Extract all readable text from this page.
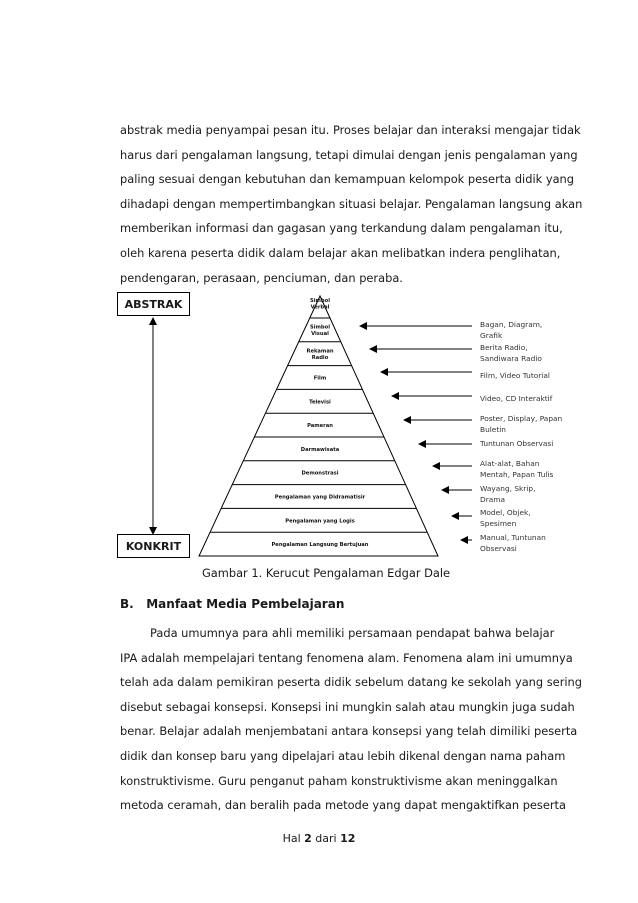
abstrak media penyampai pesan itu. Proses belajar dan interaksi mengajar tidak
harus dari pengalaman langsung, tetapi dimulai dengan jenis pengalaman yang
paling sesuai dengan kebutuhan dan kemampuan kelompok peserta didik yang
dihadapi dengan mempertimbangkan situasi belajar. Pengalaman langsung akan
memberikan informasi dan gagasan yang terkandung dalam pengalaman itu,
oleh karena peserta didik dalam belajar akan melibatkan indera penglihatan,
pendengaran, perasaan, penciuman, dan peraba.
Simbol Verbal
Simbol Visual
Rekaman Radio
Film
Televisi
Pameran
Darmawisata
Demonstrasi
Pengalaman yang Didramatisir
Pengalaman yang Logis
Pengalaman Langsung Bertujuan
Bagan, Diagram, Grafik
Berita Radio, Sandiwara Radio
Film, Video Tutorial
Video, CD Interaktif
Poster, Display, Papan Buletin
Tuntunan Observasi
Alat-alat, Bahan Mentah, Papan Tulis
Wayang, Skrip, Drama
Model, Objek, Spesimen
Manual, Tuntunan Observasi
ABSTRAK
KONKRIT

Gambar 1. Kerucut Pengalaman Edgar Dale

B.   Manfaat Media Pembelajaran

Pada umumnya para ahli memiliki persamaan pendapat bahwa belajar
IPA adalah mempelajari tentang fenomena alam. Fenomena alam ini umumnya
telah ada dalam pemikiran peserta didik sebelum datang ke sekolah yang sering
disebut sebagai konsepsi. Konsepsi ini mungkin salah atau mungkin juga sudah
benar. Belajar adalah menjembatani antara konsepsi yang telah dimiliki peserta
didik dan konsep baru yang dipelajari atau lebih dikenal dengan nama paham
konstruktivisme. Guru penganut paham konstruktivisme akan meninggalkan
metoda ceramah, dan beralih pada metode yang dapat mengaktifkan peserta
Hal 2 dari 12
